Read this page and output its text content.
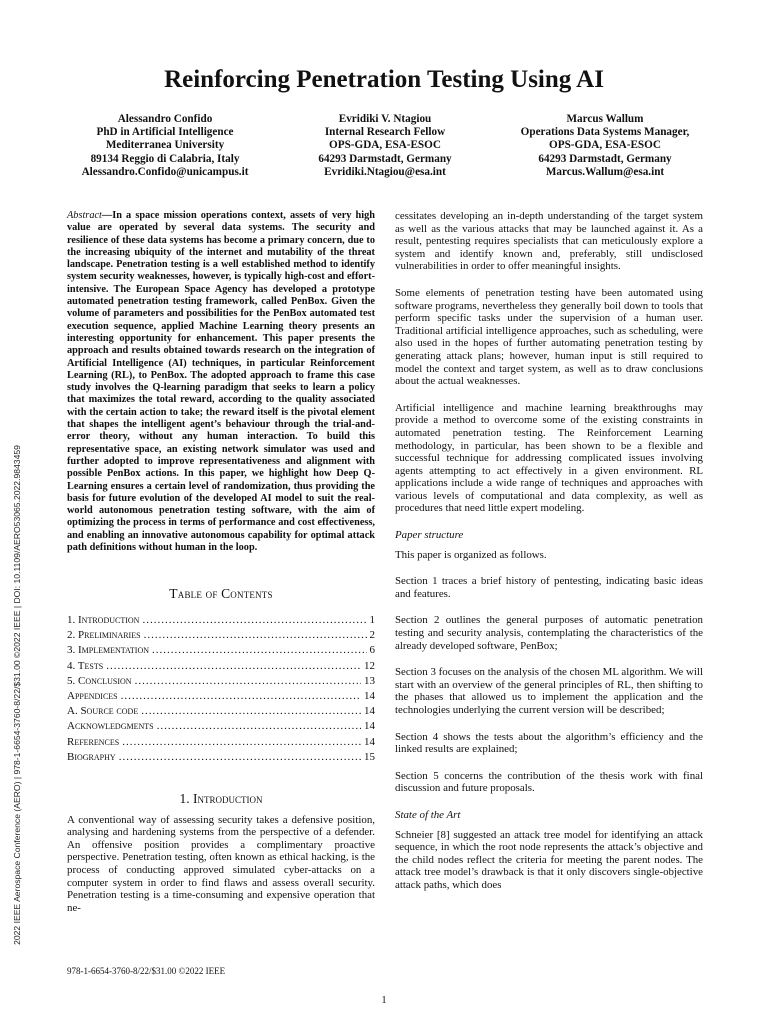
2022 IEEE Aerospace Conference (AERO) | 978-1-6654-3760-8/22/$31.00 ©2022 IEEE | DOI: 10.1109/AERO53065.2022.9843459
Reinforcing Penetration Testing Using AI
Alessandro Confido
PhD in Artificial Intelligence
Mediterranea University
89134 Reggio di Calabria, Italy
Alessandro.Confido@unicampus.it
Evridiki V. Ntagiou
Internal Research Fellow
OPS-GDA, ESA-ESOC
64293 Darmstadt, Germany
Evridiki.Ntagiou@esa.int
Marcus Wallum
Operations Data Systems Manager,
OPS-GDA, ESA-ESOC
64293 Darmstadt, Germany
Marcus.Wallum@esa.int
Abstract—In a space mission operations context, assets of very high value are operated by several data systems. The security and resilience of these data systems has become a primary concern, due to the increasing ubiquity of the internet and mutability of the threat landscape. Penetration testing is a well established method to identify system security weaknesses, however, is typically high-cost and effort-intensive. The European Space Agency has developed a prototype automated penetration testing framework, called PenBox. Given the volume of parameters and possibilities for the PenBox automated test execution sequence, applied Machine Learning theory presents an interesting opportunity for enhancement. This paper presents the approach and results obtained towards research on the integration of Artificial Intelligence (AI) techniques, in particular Reinforcement Learning (RL), to PenBox. The adopted approach to frame this case study involves the Q-learning paradigm that seeks to learn a policy that maximizes the total reward, according to the quality associated with the certain action to take; the reward itself is the pivotal element that shapes the intelligent agent’s behaviour through the trial-and-error theory, without any human interaction. To build this representative space, an existing network simulator was used and further adopted to improve representativeness and alignment with possible PenBox actions. In this paper, we highlight how Deep Q-Learning ensures a certain level of randomization, thus providing the basis for future evolution of the developed AI model to suit the real-world autonomous penetration testing software, with the aim of optimizing the process in terms of performance and cost effectiveness, and enabling an innovative autonomous capability for optimal attack path definitions without human in the loop.
Table of Contents
1. Introduction .....	1
2. Preliminaries .....	2
3. Implementation .....	6
4. Tests .....	12
5. Conclusion .....	13
Appendices .....	14
A. Source code .....	14
Acknowledgments .....	14
References .....	14
Biography .....	15
1. Introduction
A conventional way of assessing security takes a defensive position, analysing and hardening systems from the perspective of a defender. An offensive position provides a complimentary proactive perspective. Penetration testing, often known as ethical hacking, is the process of conducting approved simulated cyber-attacks on a computer system in order to find flaws and assess overall security. Penetration testing is a time-consuming and expensive operation that ne-
cessitates developing an in-depth understanding of the target system as well as the various attacks that may be launched against it. As a result, pentesting requires specialists that can meticulously explore a system and identify known and, preferably, still undisclosed vulnerabilities in order to offer meaningful insights.
Some elements of penetration testing have been automated using software programs, nevertheless they generally boil down to tools that perform specific tasks under the supervision of a human user. Traditional artificial intelligence approaches, such as scheduling, were also used in the hopes of further automating penetration testing by generating attack plans; however, human input is still required to model the context and target system, as well as to draw conclusions about the actual weaknesses.
Artificial intelligence and machine learning breakthroughs may provide a method to overcome some of the existing constraints in automated penetration testing. The Reinforcement Learning methodology, in particular, has been shown to be a flexible and successful technique for addressing complicated issues involving agents attempting to act effectively in a given environment. RL applications include a wide range of techniques and approaches with various levels of computational and data complexity, as well as procedures that need little expert modeling.
Paper structure
This paper is organized as follows.
Section 1 traces a brief history of pentesting, indicating basic ideas and features.
Section 2 outlines the general purposes of automatic penetration testing and security analysis, contemplating the characteristics of the already developed software, PenBox;
Section 3 focuses on the analysis of the chosen ML algorithm. We will start with an overview of the general principles of RL, then shifting to the phases that allowed us to implement the application and the technologies underlying the current version will be described;
Section 4 shows the tests about the algorithm’s efficiency and the linked results are explained;
Section 5 concerns the contribution of the thesis work with final discussion and future proposals.
State of the Art
Schneier [8] suggested an attack tree model for identifying an attack sequence, in which the root node represents the attack’s objective and the child nodes reflect the criteria for meeting the parent nodes. The attack tree model’s drawback is that it only discovers single-objective attack paths, which does
978-1-6654-3760-8/22/$31.00 ©2022 IEEE
1
